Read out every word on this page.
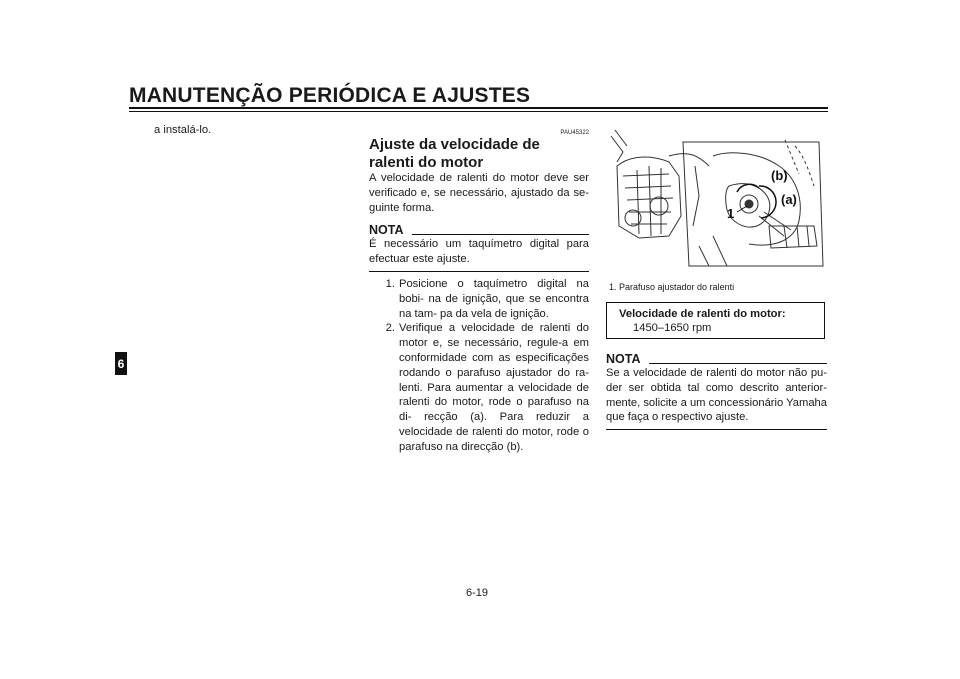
MANUTENÇÃO PERIÓDICA E AJUSTES
6
a instalá-lo.	PAU45322
Ajuste da velocidade de ralenti do motor
A velocidade de ralenti do motor deve ser verificado e, se necessário, ajustado da se- guinte forma.
NOTA
É necessário um taquímetro digital para efectuar este ajuste.
1. Posicione o taquímetro digital na bobi- na de ignição, que se encontra na tam- pa da vela de ignição.
2. Verifique a velocidade de ralenti do motor e, se necessário, regule-a em conformidade com as especificações rodando o parafuso ajustador do ra- lenti. Para aumentar a velocidade de ralenti do motor, rode o parafuso na di- recção (a). Para reduzir a velocidade de ralenti do motor, rode o parafuso na direcção (b).
(b)
(a)
1
1. Parafuso ajustador do ralenti
Velocidade de ralenti do motor:
1450–1650 rpm
NOTA
Se a velocidade de ralenti do motor não pu- der ser obtida tal como descrito anterior- mente, solicite a um concessionário Yamaha que faça o respectivo ajuste.
6-19
